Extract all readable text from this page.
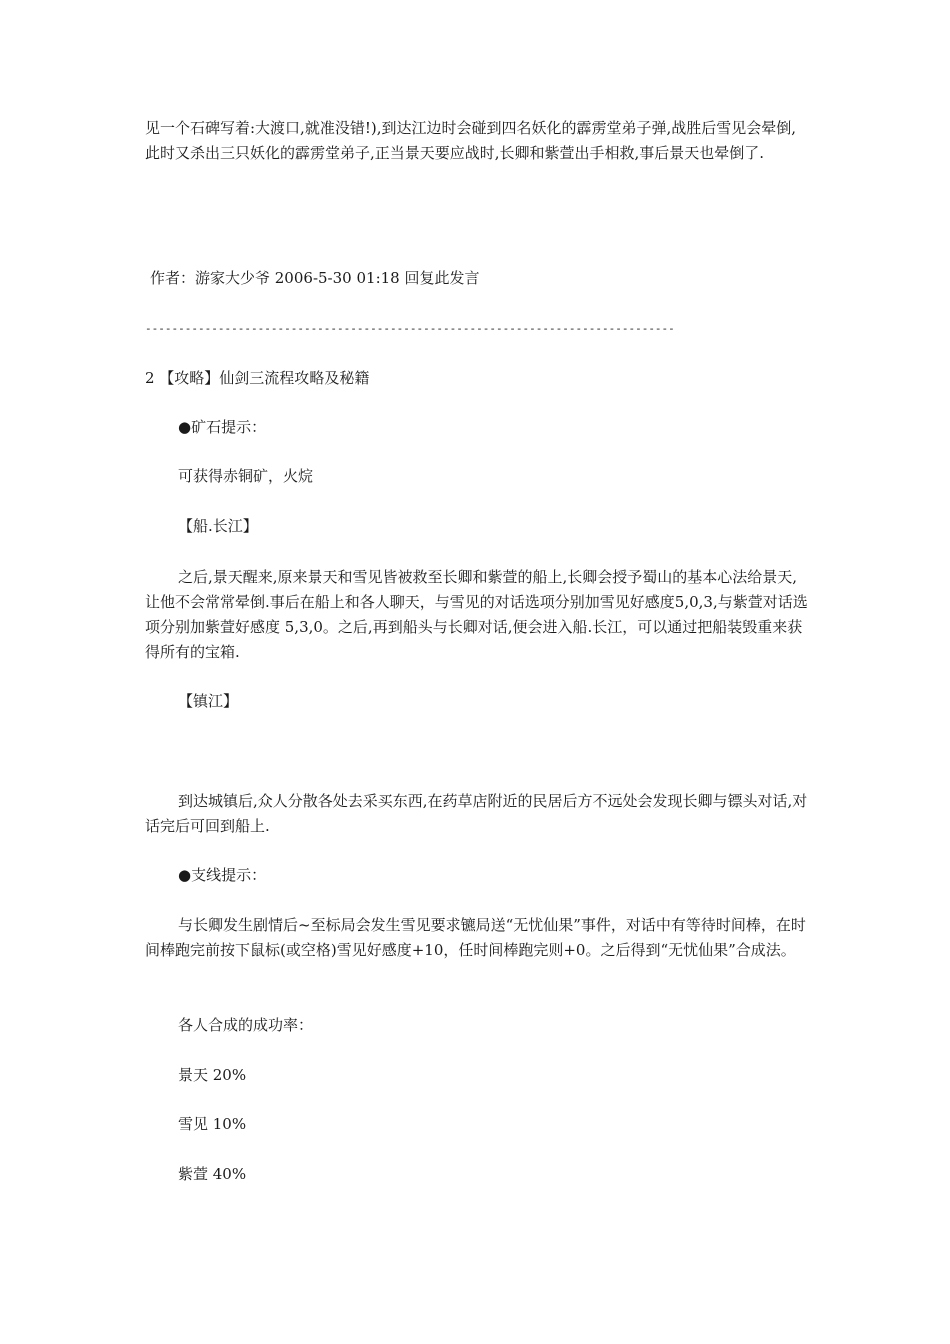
见一个石碑写着:大渡口,就准没错!),到达江边时会碰到四名妖化的霹雳堂弟子弹,战胜后雪见会晕倒,此时又杀出三只妖化的霹雳堂弟子,正当景天要应战时,长卿和紫萱出手相救,事后景天也晕倒了.

作者：游家大少爷 2006-5-30 01:18 回复此发言

--------------------------------------------------------------------------------

2 【攻略】仙剑三流程攻略及秘籍

●矿石提示：

可获得赤铜矿，火烷

【船.长江】

之后,景天醒来,原来景天和雪见皆被救至长卿和紫萱的船上,长卿会授予蜀山的基本心法给景天,让他不会常常晕倒.事后在船上和各人聊天，与雪见的对话选项分别加雪见好感度5,0,3,与紫萱对话选项分别加紫萱好感度 5,3,0。之后,再到船头与长卿对话,便会进入船.长江，可以通过把船装毁重来获得所有的宝箱.

【镇江】

到达城镇后,众人分散各处去采买东西,在药草店附近的民居后方不远处会发现长卿与镖头对话,对话完后可回到船上.

●支线提示：

与长卿发生剧情后~至标局会发生雪见要求镳局送“无忧仙果”事件，对话中有等待时间棒，在时间棒跑完前按下鼠标(或空格)雪见好感度+10，任时间棒跑完则+0。之后得到“无忧仙果”合成法。

各人合成的成功率：

景天 20%

雪见 10%

紫萱 40%
